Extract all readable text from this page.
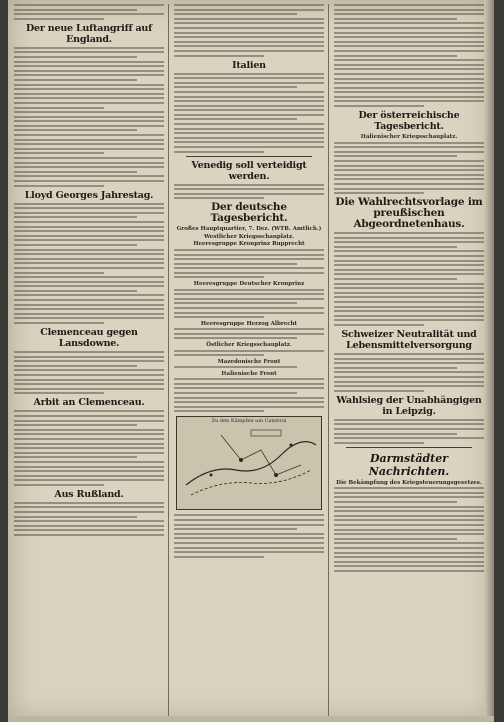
Der neue Luftangriff auf England.
Lloyd Georges Jahrestag.
Clemenceau gegen Lansdowne.
Arbit an Clemenceau.
Aus Rußland.
Italien
Venedig soll verteidigt werden.
Der deutsche Tagesbericht.
Großes Hauptquartier, 7. Dez. (WTB. Amtlich.)
Westlicher Kriegsschauplatz.
Heeresgruppe Kronprinz Rupprecht
Heeresgruppe Deutscher Kronprinz
Heeresgruppe Herzog Albrecht
Östlicher Kriegsschauplatz.
Mazedonische Front
Italienische Front
Zu den Kämpfen um Cambrai
Der österreichische Tagesbericht.
Italienischer Kriegsschauplatz.
Die Wahlrechtsvorlage im preußischen Abgeordnetenhaus.
Schweizer Neutralität und Lebensmittelversorgung
Wahlsieg der Unabhängigen in Leipzig.
Darmstädter Nachrichten.
Die Bekämpfung des Kriegsteuerungsgesetzes.
